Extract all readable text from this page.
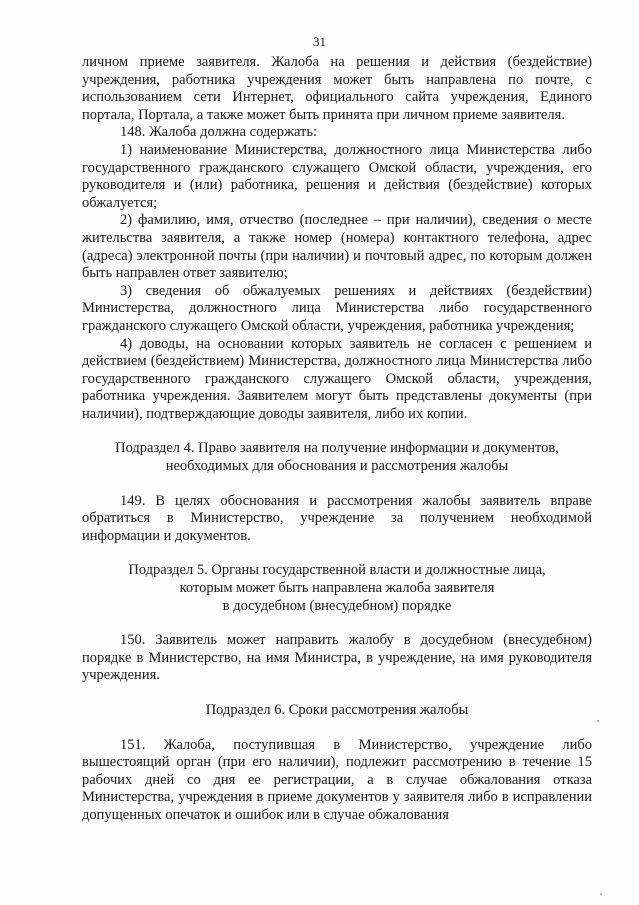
31

личном приеме заявителя. Жалоба на решения и действия (бездействие) учреждения, работника учреждения может быть направлена по почте, с использованием сети Интернет, официального сайта учреждения, Единого портала, Портала, а также может быть принята при личном приеме заявителя.

148. Жалоба должна содержать:

1) наименование Министерства, должностного лица Министерства либо государственного гражданского служащего Омской области, учреждения, его руководителя и (или) работника, решения и действия (бездействие) которых обжалуется;

2) фамилию, имя, отчество (последнее – при наличии), сведения о месте жительства заявителя, а также номер (номера) контактного телефона, адрес (адреса) электронной почты (при наличии) и почтовый адрес, по которым должен быть направлен ответ заявителю;

3) сведения об обжалуемых решениях и действиях (бездействии) Министерства, должностного лица Министерства либо государственного гражданского служащего Омской области, учреждения, работника учреждения;

4) доводы, на основании которых заявитель не согласен с решением и действием (бездействием) Министерства, должностного лица Министерства либо государственного гражданского служащего Омской области, учреждения, работника учреждения. Заявителем могут быть представлены документы (при наличии), подтверждающие доводы заявителя, либо их копии.

Подраздел 4. Право заявителя на получение информации и документов,
необходимых для обоснования и рассмотрения жалобы

149. В целях обоснования и рассмотрения жалобы заявитель вправе обратиться в Министерство, учреждение за получением необходимой информации и документов.

Подраздел 5. Органы государственной власти и должностные лица,
которым может быть направлена жалоба заявителя
в досудебном (внесудебном) порядке

150. Заявитель может направить жалобу в досудебном (внесудебном) порядке в Министерство, на имя Министра, в учреждение, на имя руководителя учреждения.

Подраздел 6. Сроки рассмотрения жалобы

151. Жалоба, поступившая в Министерство, учреждение либо вышестоящий орган (при его наличии), подлежит рассмотрению в течение 15 рабочих дней со дня ее регистрации, а в случае обжалования отказа Министерства, учреждения в приеме документов у заявителя либо в исправлении допущенных опечаток и ошибок или в случае обжалования
